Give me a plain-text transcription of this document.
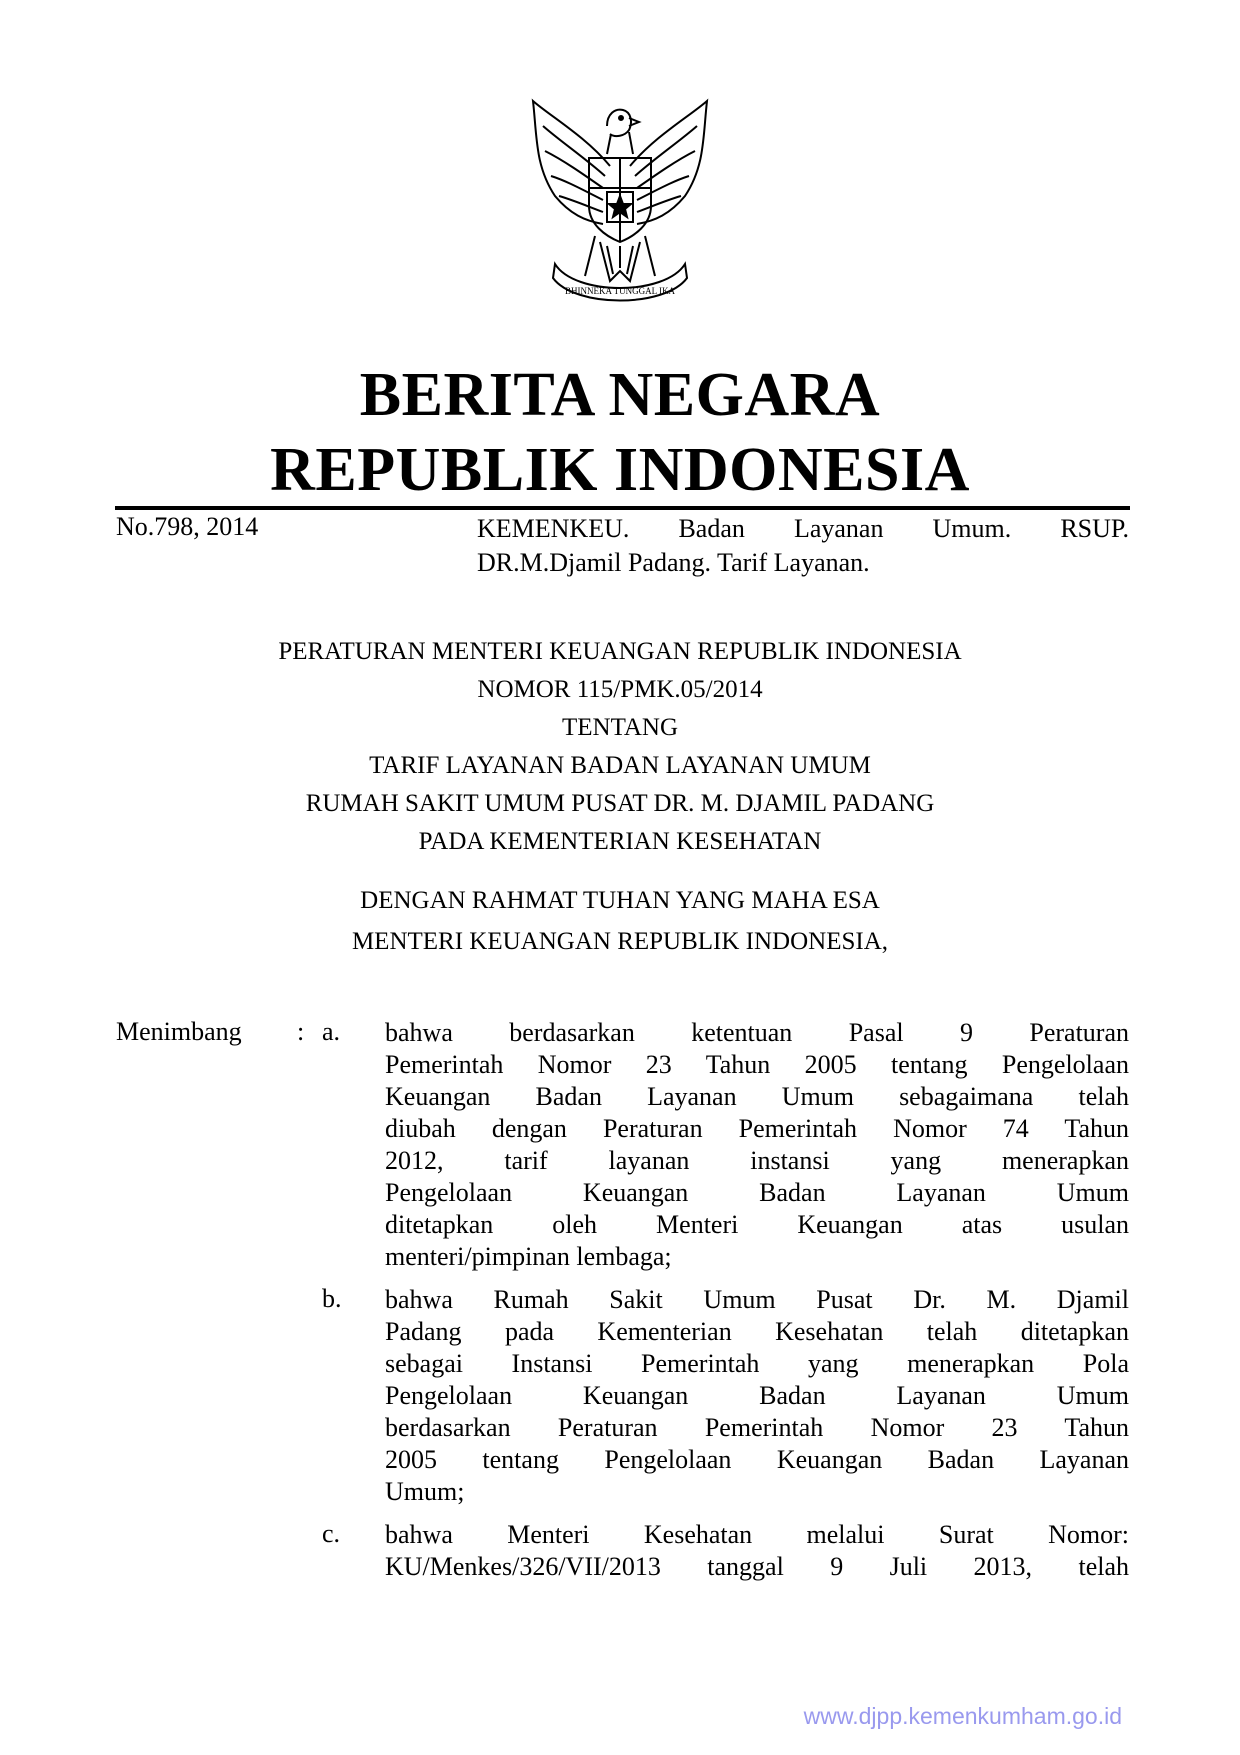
BHINNEKA TUNGGAL IKA
BERITA NEGARA
REPUBLIK INDONESIA
No.798, 2014	KEMENKEU. Badan Layanan Umum. RSUP.
DR.M.Djamil Padang. Tarif Layanan.
PERATURAN MENTERI KEUANGAN REPUBLIK INDONESIA
NOMOR 115/PMK.05/2014
TENTANG
TARIF LAYANAN BADAN LAYANAN UMUM
RUMAH SAKIT UMUM PUSAT DR. M. DJAMIL PADANG
PADA KEMENTERIAN KESEHATAN
DENGAN RAHMAT TUHAN YANG MAHA ESA
MENTERI KEUANGAN REPUBLIK INDONESIA,
Menimbang : a. bahwa berdasarkan ketentuan Pasal 9 Peraturan
Pemerintah Nomor 23 Tahun 2005 tentang Pengelolaan
Keuangan Badan Layanan Umum sebagaimana telah
diubah dengan Peraturan Pemerintah Nomor 74 Tahun
2012, tarif layanan instansi yang menerapkan
Pengelolaan Keuangan Badan Layanan Umum
ditetapkan oleh Menteri Keuangan atas usulan
menteri/pimpinan lembaga;
b. bahwa Rumah Sakit Umum Pusat Dr. M. Djamil
Padang pada Kementerian Kesehatan telah ditetapkan
sebagai Instansi Pemerintah yang menerapkan Pola
Pengelolaan Keuangan Badan Layanan Umum
berdasarkan Peraturan Pemerintah Nomor 23 Tahun
2005 tentang Pengelolaan Keuangan Badan Layanan
Umum;
c. bahwa Menteri Kesehatan melalui Surat Nomor:
KU/Menkes/326/VII/2013 tanggal 9 Juli 2013, telah
www.djpp.kemenkumham.go.id
